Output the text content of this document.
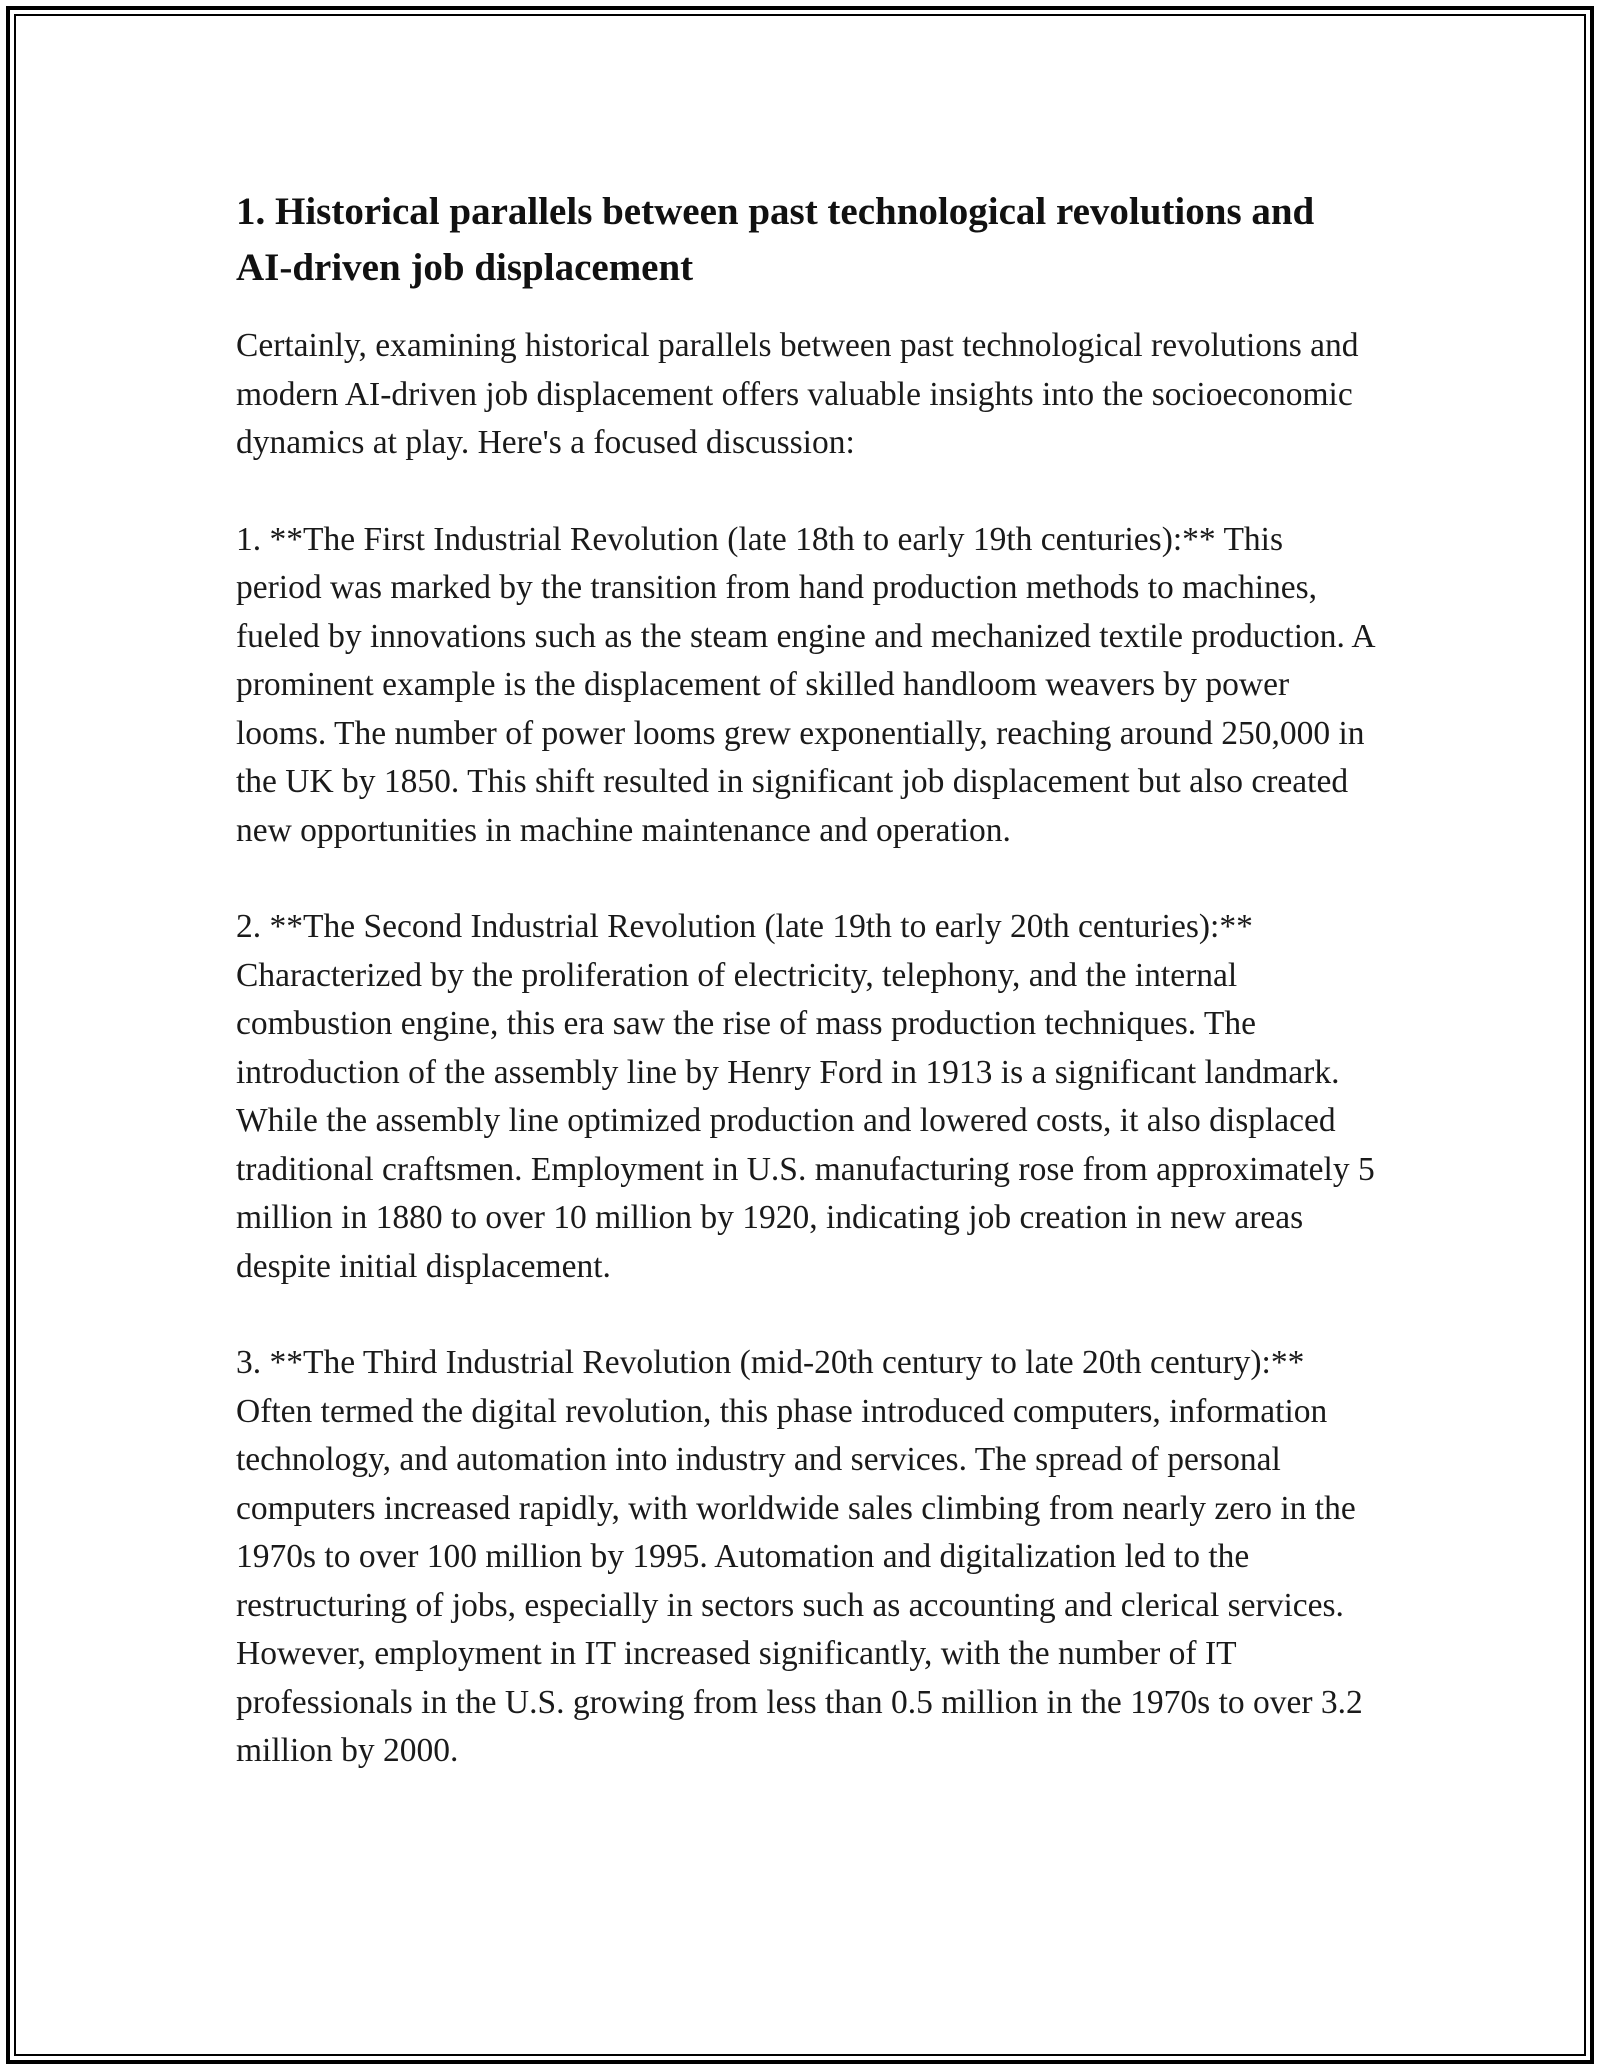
1. Historical parallels between past technological revolutions and AI-driven job displacement

Certainly, examining historical parallels between past technological revolutions and modern AI-driven job displacement offers valuable insights into the socioeconomic dynamics at play. Here's a focused discussion:

1. **The First Industrial Revolution (late 18th to early 19th centuries):** This period was marked by the transition from hand production methods to machines, fueled by innovations such as the steam engine and mechanized textile production. A prominent example is the displacement of skilled handloom weavers by power looms. The number of power looms grew exponentially, reaching around 250,000 in the UK by 1850. This shift resulted in significant job displacement but also created new opportunities in machine maintenance and operation.

2. **The Second Industrial Revolution (late 19th to early 20th centuries):** Characterized by the proliferation of electricity, telephony, and the internal combustion engine, this era saw the rise of mass production techniques. The introduction of the assembly line by Henry Ford in 1913 is a significant landmark. While the assembly line optimized production and lowered costs, it also displaced traditional craftsmen. Employment in U.S. manufacturing rose from approximately 5 million in 1880 to over 10 million by 1920, indicating job creation in new areas despite initial displacement.

3. **The Third Industrial Revolution (mid-20th century to late 20th century):** Often termed the digital revolution, this phase introduced computers, information technology, and automation into industry and services. The spread of personal computers increased rapidly, with worldwide sales climbing from nearly zero in the 1970s to over 100 million by 1995. Automation and digitalization led to the restructuring of jobs, especially in sectors such as accounting and clerical services. However, employment in IT increased significantly, with the number of IT professionals in the U.S. growing from less than 0.5 million in the 1970s to over 3.2 million by 2000.
